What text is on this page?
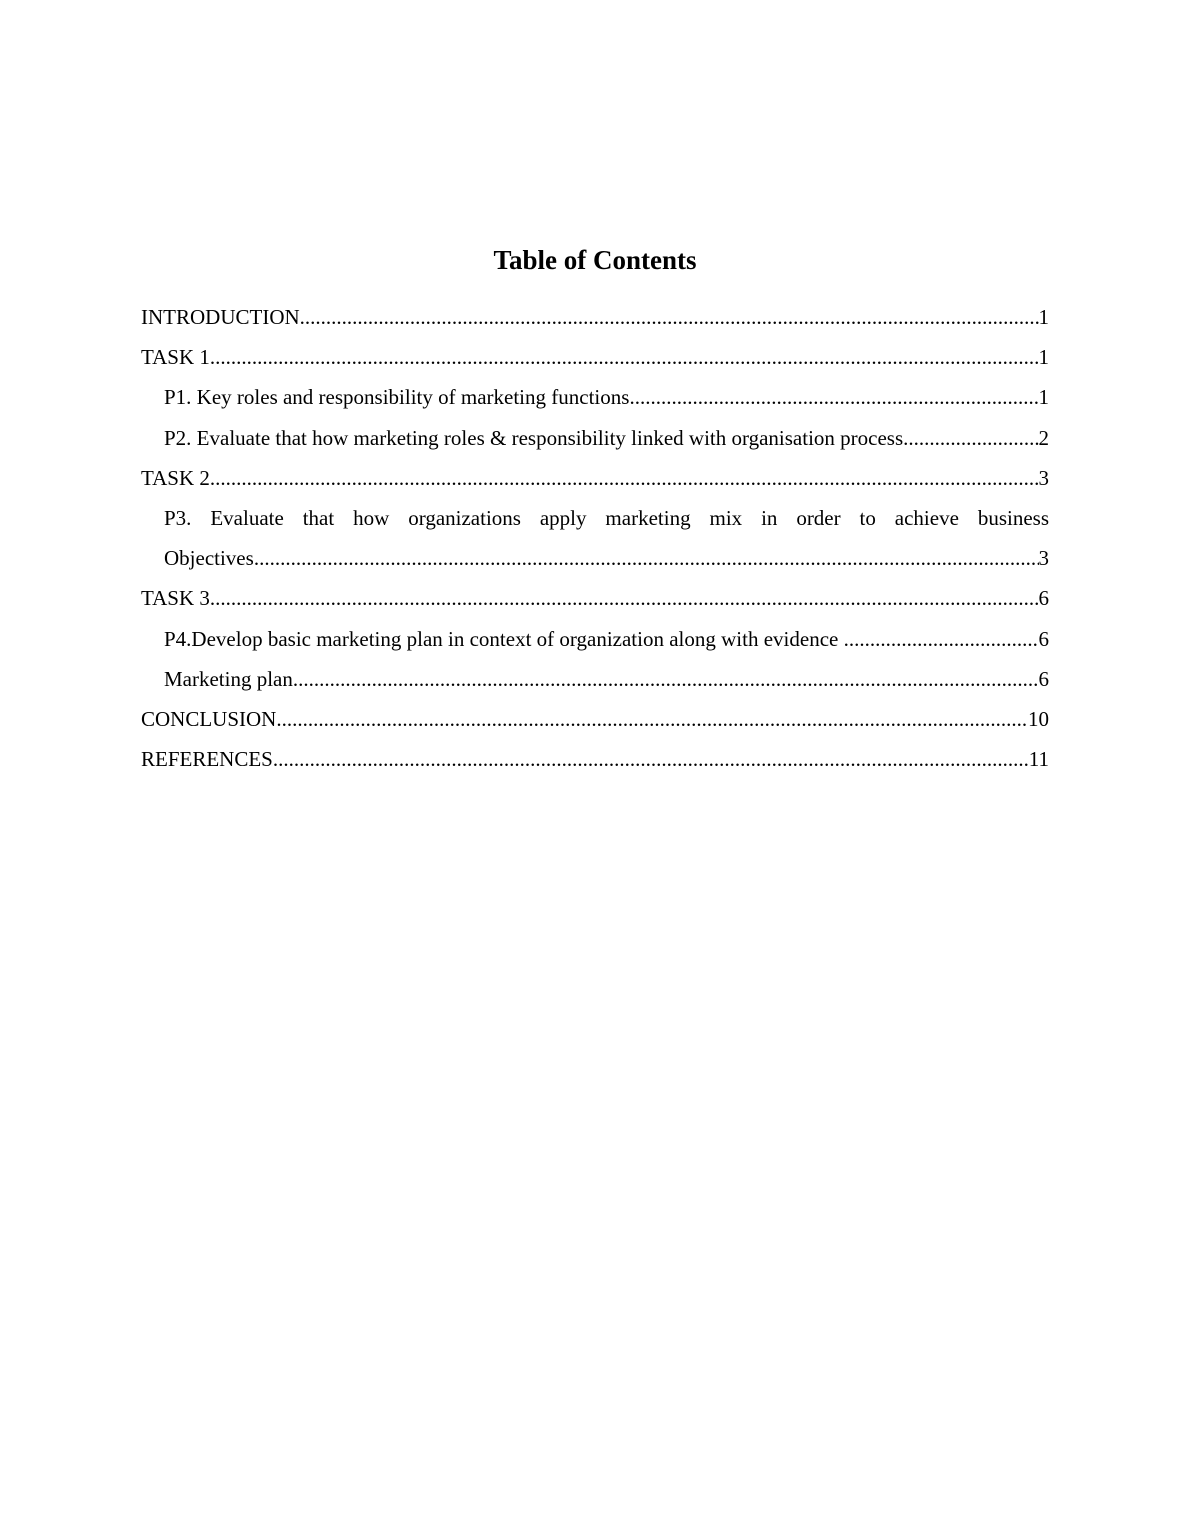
Table of Contents
INTRODUCTION .....	1
TASK 1 .....	1
P1. Key roles and responsibility of marketing functions .....	1
P2. Evaluate that how marketing roles & responsibility linked with organisation process .....	2
TASK 2 .....	3
P3. Evaluate that how organizations apply marketing mix in order to achieve business
Objectives .....	3
TASK 3 .....	6
P4.Develop basic marketing plan in context of organization along with evidence .....	6
Marketing plan .....	6
CONCLUSION .....	10
REFERENCES .....	11
